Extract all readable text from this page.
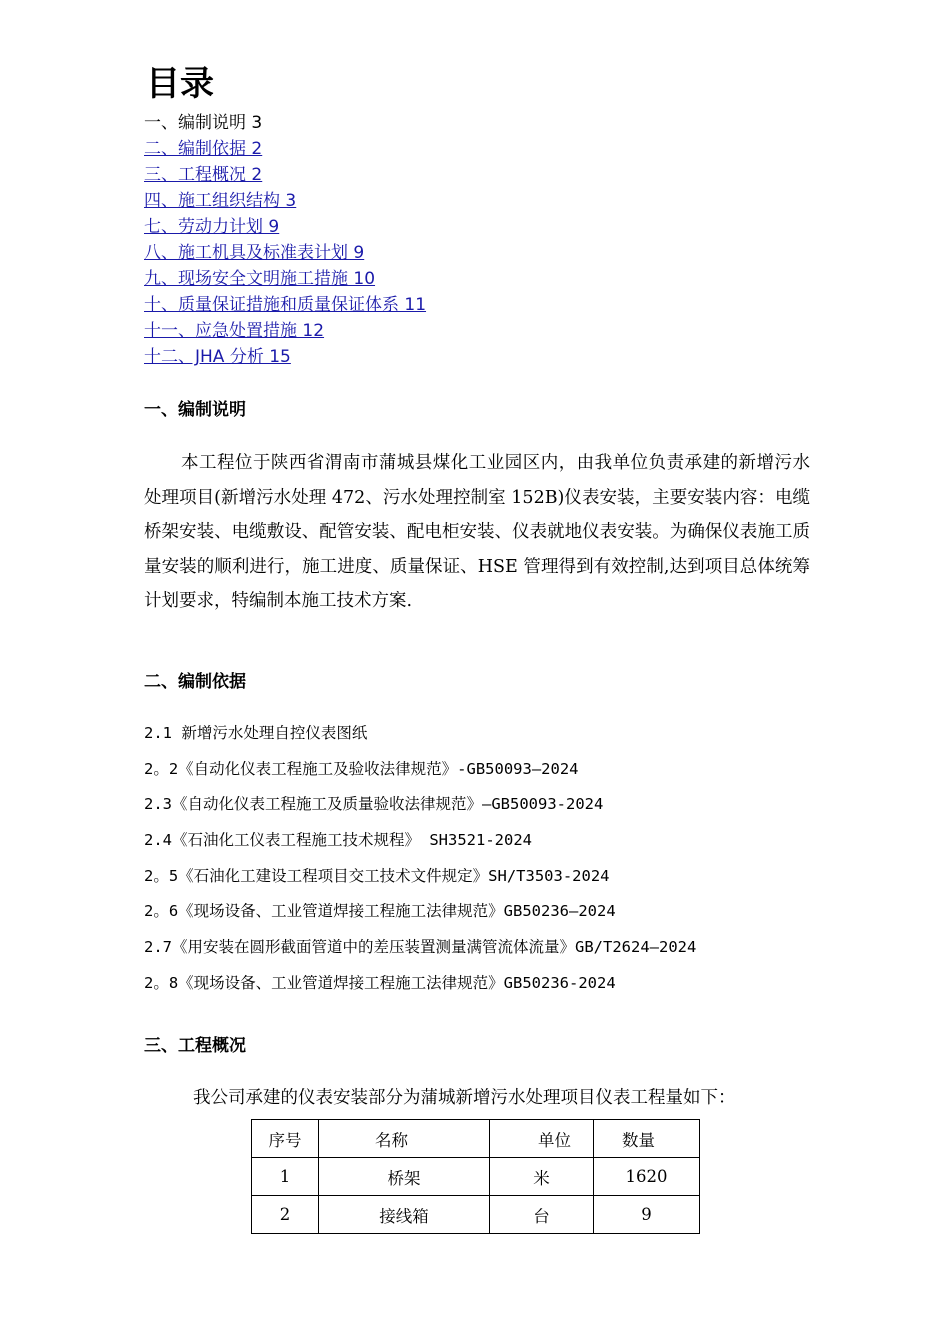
目录
一、编制说明 3
二、编制依据 2
三、工程概况 2
四、施工组织结构 3
七、劳动力计划 9
八、施工机具及标准表计划 9
九、现场安全文明施工措施 10
十、质量保证措施和质量保证体系 11
十一、应急处置措施 12
十二、JHA 分析 15
一、编制说明

本工程位于陕西省渭南市蒲城县煤化工业园区内，由我单位负责承建的新增污水处理项目(新增污水处理 472、污水处理控制室 152B)仪表安装，主要安装内容：电缆桥架安装、电缆敷设、配管安装、配电柜安装、仪表就地仪表安装。为确保仪表施工质量安装的顺利进行，施工进度、质量保证、HSE 管理得到有效控制,达到项目总体统筹计划要求，特编制本施工技术方案.

二、编制依据
2.1 新增污水处理自控仪表图纸
2。2《自动化仪表工程施工及验收法律规范》-GB50093—2024
2.3《自动化仪表工程施工及质量验收法律规范》—GB50093-2024
2.4《石油化工仪表工程施工技术规程》 SH3521-2024
2。5《石油化工建设工程项目交工技术文件规定》SH/T3503-2024
2。6《现场设备、工业管道焊接工程施工法律规范》GB50236—2024
2.7《用安装在圆形截面管道中的差压装置测量满管流体流量》GB/T2624—2024
2。8《现场设备、工业管道焊接工程施工法律规范》GB50236-2024
三、工程概况

我公司承建的仪表安装部分为蒲城新增污水处理项目仪表工程量如下：

序号	名称	单位	数量
1	桥架	米	1620
2	接线箱	台	9
